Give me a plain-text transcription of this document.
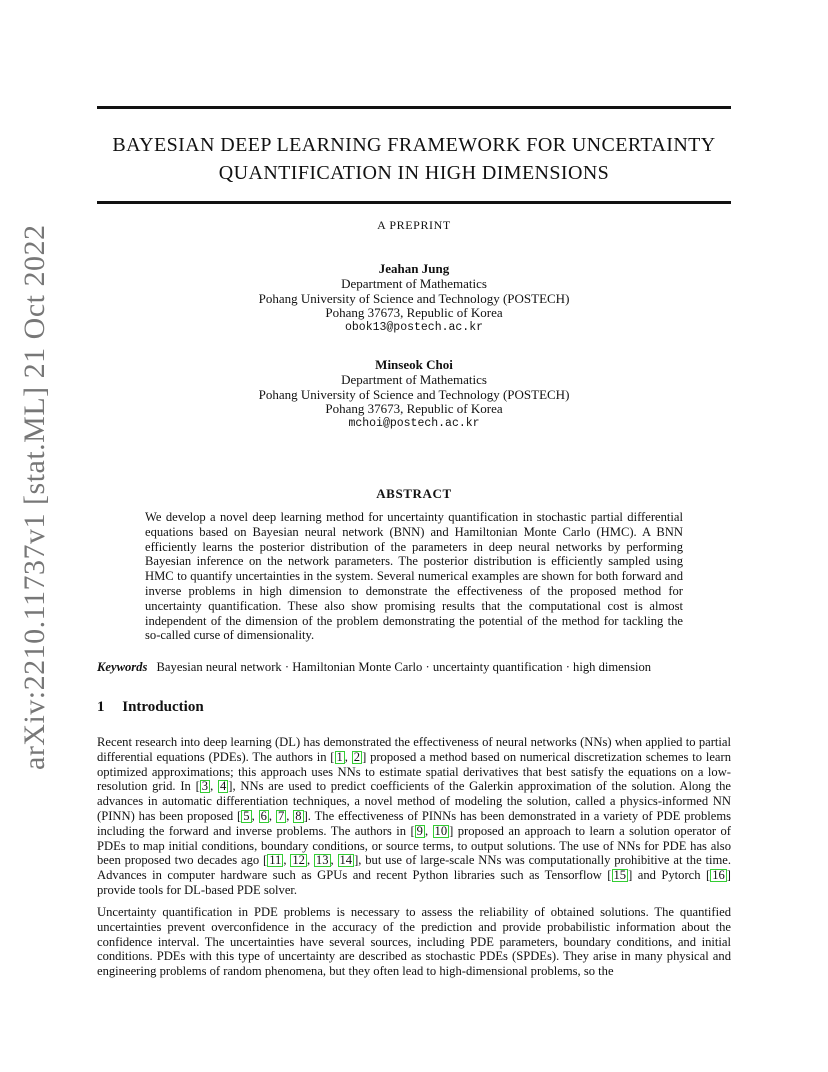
arXiv:2210.11737v1 [stat.ML] 21 Oct 2022
BAYESIAN DEEP LEARNING FRAMEWORK FOR UNCERTAINTY
QUANTIFICATION IN HIGH DIMENSIONS
A PREPRINT
Jeahan Jung
Department of Mathematics
Pohang University of Science and Technology (POSTECH)
Pohang 37673, Republic of Korea
obok13@postech.ac.kr
Minseok Choi
Department of Mathematics
Pohang University of Science and Technology (POSTECH)
Pohang 37673, Republic of Korea
mchoi@postech.ac.kr
ABSTRACT
We develop a novel deep learning method for uncertainty quantification in stochastic partial differential equations based on Bayesian neural network (BNN) and Hamiltonian Monte Carlo (HMC). A BNN efficiently learns the posterior distribution of the parameters in deep neural networks by performing Bayesian inference on the network parameters. The posterior distribution is efficiently sampled using HMC to quantify uncertainties in the system. Several numerical examples are shown for both forward and inverse problems in high dimension to demonstrate the effectiveness of the proposed method for uncertainty quantification. These also show promising results that the computational cost is almost independent of the dimension of the problem demonstrating the potential of the method for tackling the so-called curse of dimensionality.
Keywords Bayesian neural network · Hamiltonian Monte Carlo · uncertainty quantification · high dimension
1 Introduction
Recent research into deep learning (DL) has demonstrated the effectiveness of neural networks (NNs) when applied to partial differential equations (PDEs). The authors in [ 1 , 2 ] proposed a method based on numerical discretization schemes to learn optimized approximations; this approach uses NNs to estimate spatial derivatives that best satisfy the equations on a low-resolution grid. In [ 3 , 4 ], NNs are used to predict coefficients of the Galerkin approximation of the solution. Along the advances in automatic differentiation techniques, a novel method of modeling the solution, called a physics-informed NN (PINN) has been proposed [ 5 , 6 , 7 , 8 ]. The effectiveness of PINNs has been demonstrated in a variety of PDE problems including the forward and inverse problems. The authors in [ 9 , 10 ] proposed an approach to learn a solution operator of PDEs to map initial conditions, boundary conditions, or source terms, to output solutions. The use of NNs for PDE has also been proposed two decades ago [ 11 , 12 , 13 , 14 ], but use of large-scale NNs was computationally prohibitive at the time. Advances in computer hardware such as GPUs and recent Python libraries such as Tensorflow [ 15 ] and Pytorch [ 16 ] provide tools for DL-based PDE solver.
Uncertainty quantification in PDE problems is necessary to assess the reliability of obtained solutions. The quantified uncertainties prevent overconfidence in the accuracy of the prediction and provide probabilistic information about the confidence interval. The uncertainties have several sources, including PDE parameters, boundary conditions, and initial conditions. PDEs with this type of uncertainty are described as stochastic PDEs (SPDEs). They arise in many physical and engineering problems of random phenomena, but they often lead to high-dimensional problems, so the
